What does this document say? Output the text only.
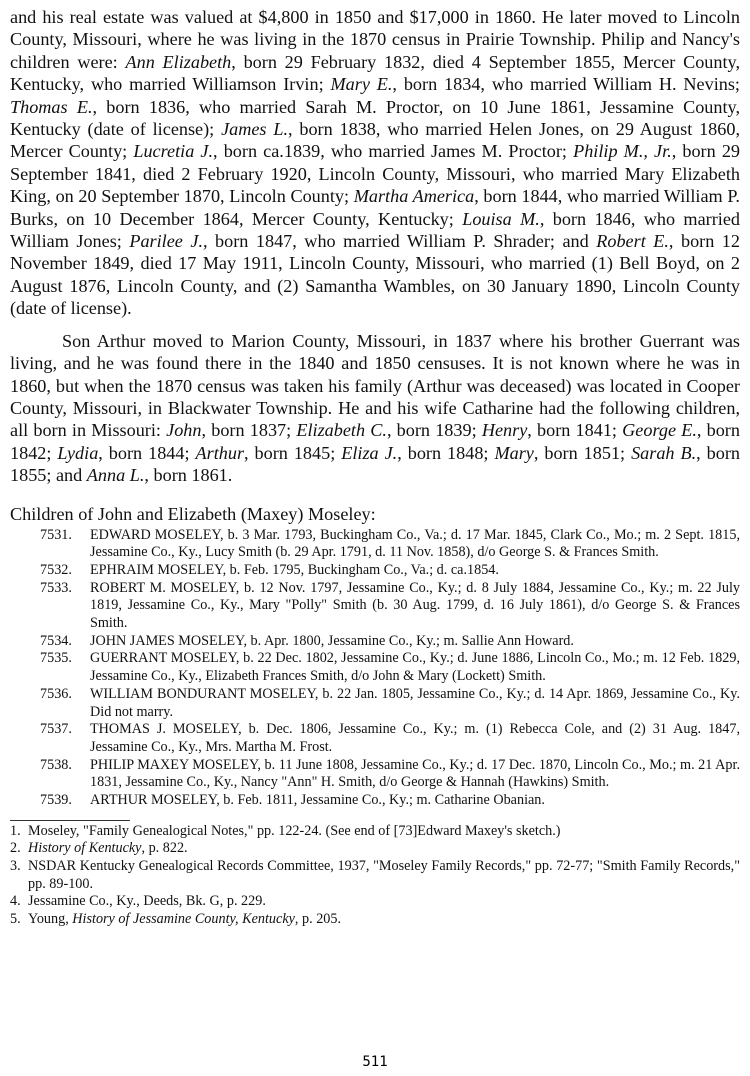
and his real estate was valued at $4,800 in 1850 and $17,000 in 1860. He later moved to Lincoln County, Missouri, where he was living in the 1870 census in Prairie Township. Philip and Nancy's children were: Ann Elizabeth, born 29 February 1832, died 4 September 1855, Mercer County, Kentucky, who married Williamson Irvin; Mary E., born 1834, who married William H. Nevins; Thomas E., born 1836, who married Sarah M. Proctor, on 10 June 1861, Jessamine County, Kentucky (date of license); James L., born 1838, who married Helen Jones, on 29 August 1860, Mercer County; Lucretia J., born ca.1839, who married James M. Proctor; Philip M., Jr., born 29 September 1841, died 2 February 1920, Lincoln County, Missouri, who married Mary Elizabeth King, on 20 September 1870, Lincoln County; Martha America, born 1844, who married William P. Burks, on 10 December 1864, Mercer County, Kentucky; Louisa M., born 1846, who married William Jones; Parilee J., born 1847, who married William P. Shrader; and Robert E., born 12 November 1849, died 17 May 1911, Lincoln County, Missouri, who married (1) Bell Boyd, on 2 August 1876, Lincoln County, and (2) Samantha Wambles, on 30 January 1890, Lincoln County (date of license).

Son Arthur moved to Marion County, Missouri, in 1837 where his brother Guerrant was living, and he was found there in the 1840 and 1850 censuses. It is not known where he was in 1860, but when the 1870 census was taken his family (Arthur was deceased) was located in Cooper County, Missouri, in Blackwater Township. He and his wife Catharine had the following children, all born in Missouri: John, born 1837; Elizabeth C., born 1839; Henry, born 1841; George E., born 1842; Lydia, born 1844; Arthur, born 1845; Eliza J., born 1848; Mary, born 1851; Sarah B., born 1855; and Anna L., born 1861.

Children of John and Elizabeth (Maxey) Moseley:
7531.	EDWARD MOSELEY, b. 3 Mar. 1793, Buckingham Co., Va.; d. 17 Mar. 1845, Clark Co., Mo.; m. 2 Sept. 1815, Jessamine Co., Ky., Lucy Smith (b. 29 Apr. 1791, d. 11 Nov. 1858), d/o George S. & Frances Smith.
7532.	EPHRAIM MOSELEY, b. Feb. 1795, Buckingham Co., Va.; d. ca.1854.
7533.	ROBERT M. MOSELEY, b. 12 Nov. 1797, Jessamine Co., Ky.; d. 8 July 1884, Jessamine Co., Ky.; m. 22 July 1819, Jessamine Co., Ky., Mary "Polly" Smith (b. 30 Aug. 1799, d. 16 July 1861), d/o George S. & Frances Smith.
7534.	JOHN JAMES MOSELEY, b. Apr. 1800, Jessamine Co., Ky.; m. Sallie Ann Howard.
7535.	GUERRANT MOSELEY, b. 22 Dec. 1802, Jessamine Co., Ky.; d. June 1886, Lincoln Co., Mo.; m. 12 Feb. 1829, Jessamine Co., Ky., Elizabeth Frances Smith, d/o John & Mary (Lockett) Smith.
7536.	WILLIAM BONDURANT MOSELEY, b. 22 Jan. 1805, Jessamine Co., Ky.; d. 14 Apr. 1869, Jessamine Co., Ky. Did not marry.
7537.	THOMAS J. MOSELEY, b. Dec. 1806, Jessamine Co., Ky.; m. (1) Rebecca Cole, and (2) 31 Aug. 1847, Jessamine Co., Ky., Mrs. Martha M. Frost.
7538.	PHILIP MAXEY MOSELEY, b. 11 June 1808, Jessamine Co., Ky.; d. 17 Dec. 1870, Lincoln Co., Mo.; m. 21 Apr. 1831, Jessamine Co., Ky., Nancy "Ann" H. Smith, d/o George & Hannah (Hawkins) Smith.
7539.	ARTHUR MOSELEY, b. Feb. 1811, Jessamine Co., Ky.; m. Catharine Obanian.
1. Moseley, "Family Genealogical Notes," pp. 122-24. (See end of [73]Edward Maxey's sketch.)
2. History of Kentucky, p. 822.
3. NSDAR Kentucky Genealogical Records Committee, 1937, "Moseley Family Records," pp. 72-77; "Smith Family Records," pp. 89-100.
4. Jessamine Co., Ky., Deeds, Bk. G, p. 229.
5. Young, History of Jessamine County, Kentucky, p. 205.
511
